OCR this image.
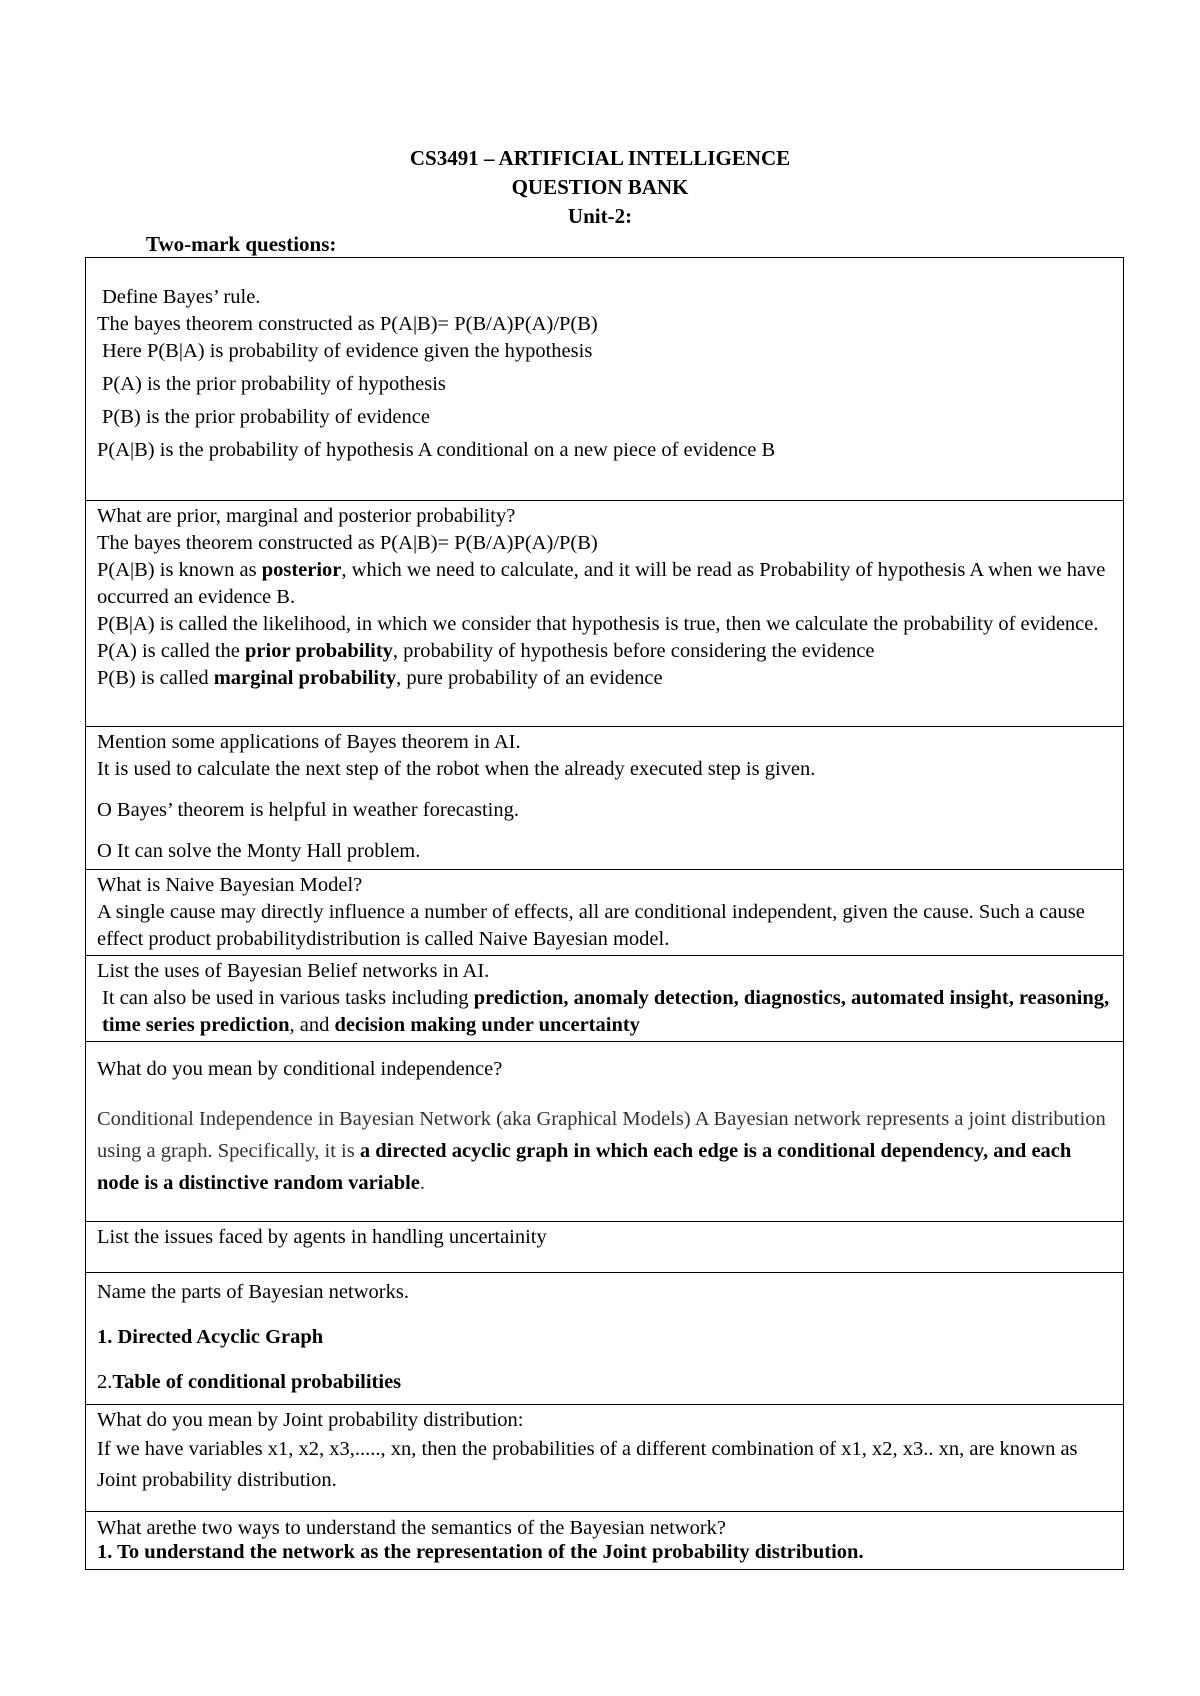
CS3491 – ARTIFICIAL INTELLIGENCE
QUESTION BANK
Unit-2:
Two-mark questions:
Define Bayes’ rule.
The bayes theorem constructed as P(A|B)= P(B/A)P(A)/P(B)
Here P(B|A) is probability of evidence given the hypothesis
P(A) is the prior probability of hypothesis
P(B) is the prior probability of evidence
P(A|B) is the probability of hypothesis A conditional on a new piece of evidence B

What are prior, marginal and posterior probability?
The bayes theorem constructed as P(A|B)= P(B/A)P(A)/P(B)
P(A|B) is known as posterior, which we need to calculate, and it will be read as Probability of hypothesis A when we have occurred an evidence B.
P(B|A) is called the likelihood, in which we consider that hypothesis is true, then we calculate the probability of evidence.
P(A) is called the prior probability, probability of hypothesis before considering the evidence
P(B) is called marginal probability, pure probability of an evidence

Mention some applications of Bayes theorem in AI.
It is used to calculate the next step of the robot when the already executed step is given.
O Bayes’ theorem is helpful in weather forecasting.
O It can solve the Monty Hall problem.

What is Naive Bayesian Model?
A single cause may directly influence a number of effects, all are conditional independent, given the cause. Such a cause effect product probabilitydistribution is called Naive Bayesian model.

List the uses of Bayesian Belief networks in AI.
It can also be used in various tasks including prediction, anomaly detection, diagnostics, automated insight, reasoning, time series prediction, and decision making under uncertainty

What do you mean by conditional independence?
Conditional Independence in Bayesian Network (aka Graphical Models) A Bayesian network represents a joint distribution using a graph. Specifically, it is a directed acyclic graph in which each edge is a conditional dependency, and each node is a distinctive random variable.

List the issues faced by agents in handling uncertainity

Name the parts of Bayesian networks.
1. Directed Acyclic Graph
2.Table of conditional probabilities

What do you mean by Joint probability distribution:
If we have variables x1, x2, x3,....., xn, then the probabilities of a different combination of x1, x2, x3.. xn, are known as Joint probability distribution.

What arethe two ways to understand the semantics of the Bayesian network?
1. To understand the network as the representation of the Joint probability distribution.
